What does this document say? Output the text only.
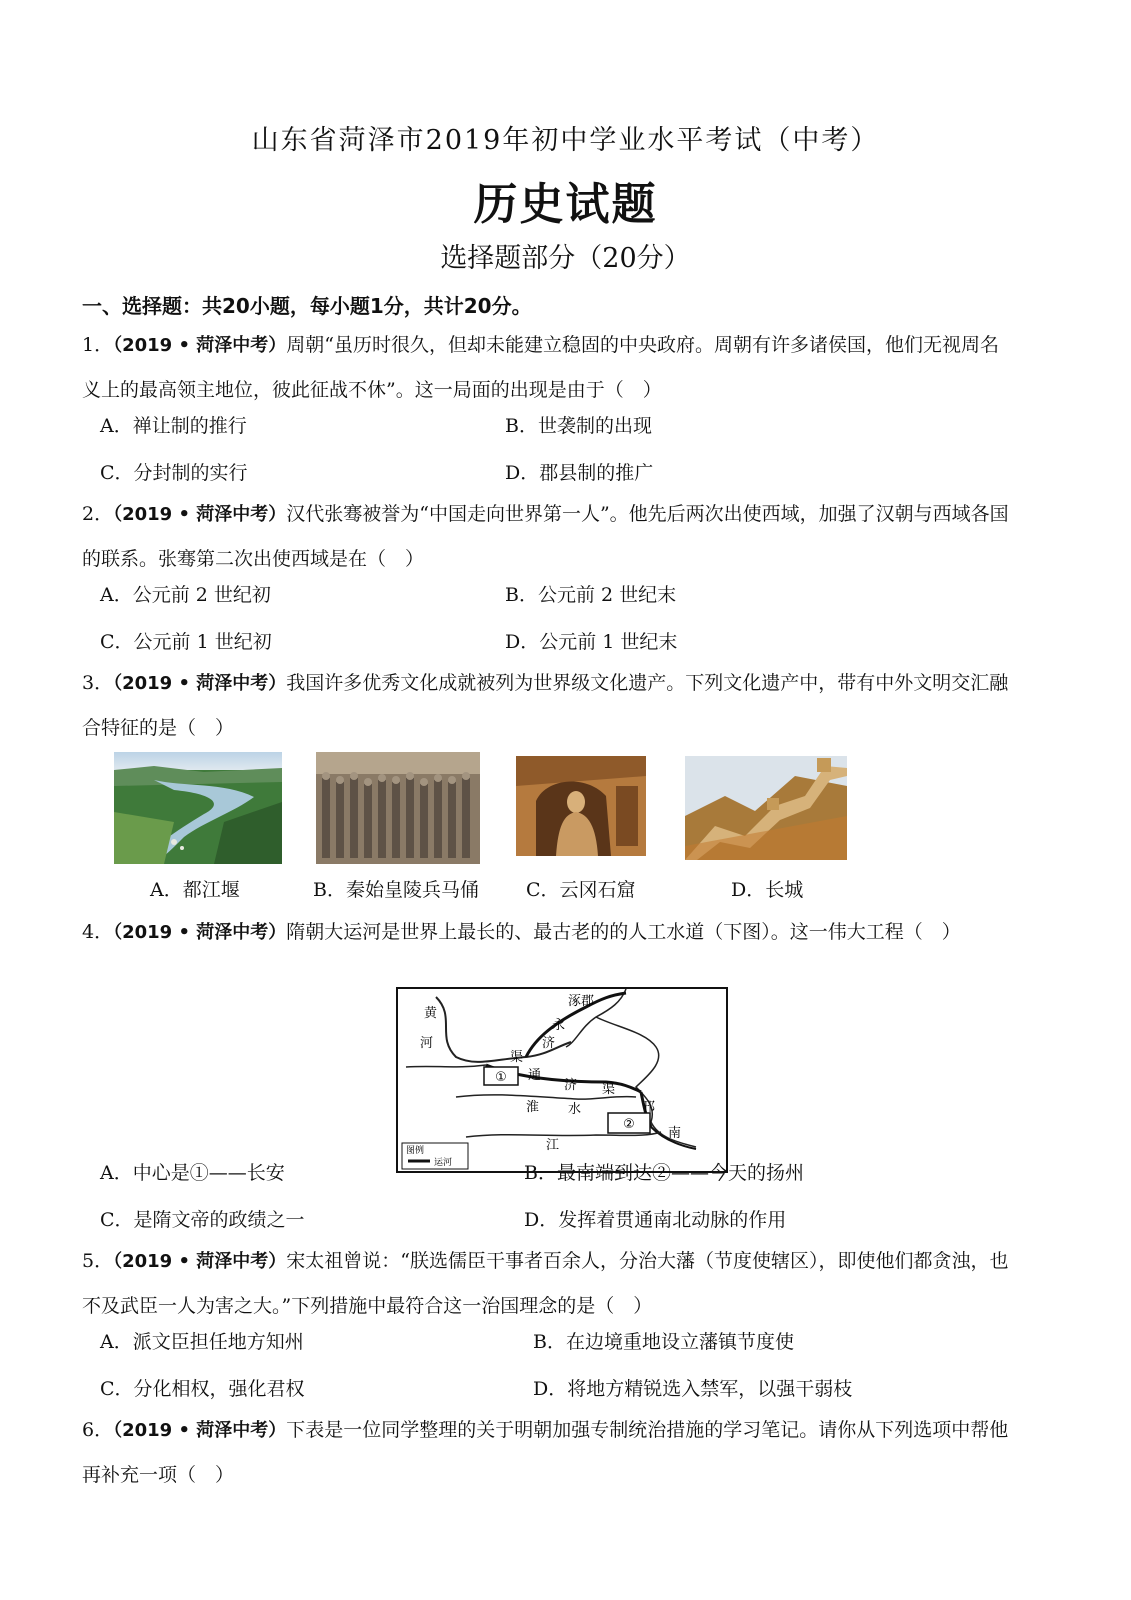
山东省菏泽市2019年初中学业水平考试（中考）
历史试题
选择题部分（20分）
一、选择题：共20小题，每小题1分，共计20分。
1．（2019 • 菏泽中考）周朝“虽历时很久，但却未能建立稳固的中央政府。周朝有许多诸侯国，他们无视周名
义上的最高领主地位，彼此征战不休”。这一局面的出现是由于（　）
A．禅让制的推行	B．世袭制的出现
C．分封制的实行	D．郡县制的推广
2．（2019 • 菏泽中考）汉代张骞被誉为“中国走向世界第一人”。他先后两次出使西域，加强了汉朝与西域各国
的联系。张骞第二次出使西域是在（　）
A．公元前 2 世纪初	B．公元前 2 世纪末
C．公元前 1 世纪初	D．公元前 1 世纪末
3．（2019 • 菏泽中考）我国许多优秀文化成就被列为世界级文化遗产。下列文化遗产中，带有中外文明交汇融
合特征的是（　）
A．都江堰	B．秦始皇陵兵马俑 C．云冈石窟	D．长城
4．（2019 • 菏泽中考）隋朝大运河是世界上最长的、最古老的的人工水道（下图）。这一伟大工程（　）
①
②
黄
河
涿郡
永
济
渠
通
济 渠
淮 水
江
邗
南
运河
图例
A．中心是①——长安	B．最南端到达②——今天的扬州
C．是隋文帝的政绩之一	D．发挥着贯通南北动脉的作用
5．（2019 • 菏泽中考）宋太祖曾说：“朕选儒臣干事者百余人，分治大藩（节度使辖区），即使他们都贪浊，也
不及武臣一人为害之大。”下列措施中最符合这一治国理念的是（　）
A．派文臣担任地方知州	B．在边境重地设立藩镇节度使
C．分化相权，强化君权	D．将地方精锐选入禁军，以强干弱枝
6．（2019 • 菏泽中考）下表是一位同学整理的关于明朝加强专制统治措施的学习笔记。请你从下列选项中帮他
再补充一项（　）
